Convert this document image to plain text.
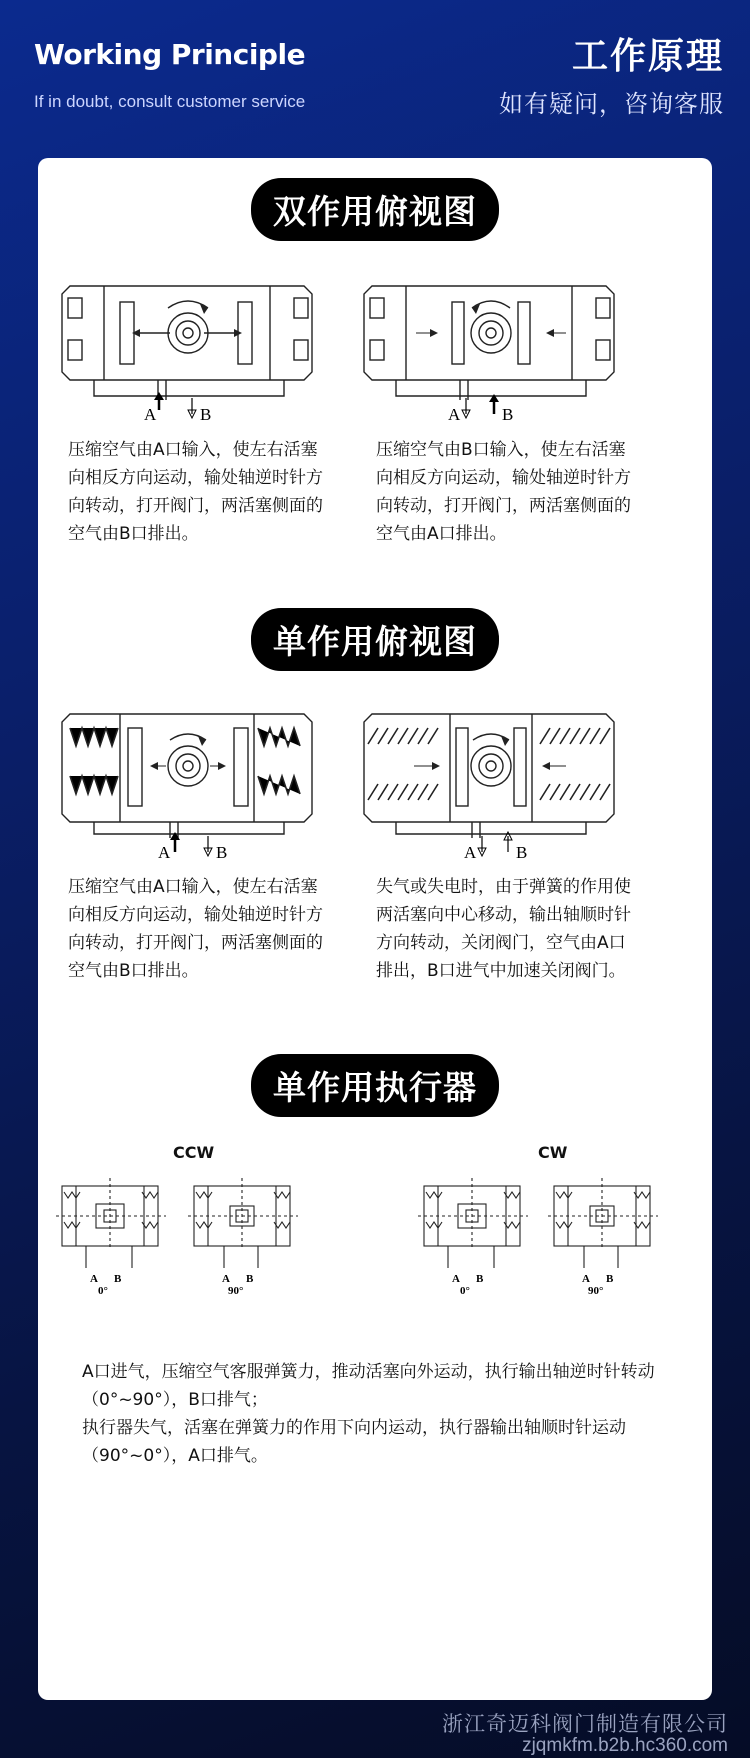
Working Principle
If in doubt, consult customer service
工作原理
如有疑问，咨询客服
双作用俯视图
A	B
压缩空气由A口输入，使左右活塞向相反方向运动，输处轴逆时针方向转动，打开阀门，两活塞侧面的空气由B口排出。
A B
压缩空气由B口输入，使左右活塞向相反方向运动，输处轴逆时针方向转动，打开阀门，两活塞侧面的空气由A口排出。
单作用俯视图
A	B
压缩空气由A口输入，使左右活塞向相反方向运动，输处轴逆时针方向转动，打开阀门，两活塞侧面的空气由B口排出。
A B
失气或失电时，由于弹簧的作用使两活塞向中心移动，输出轴顺时针方向转动，关闭阀门，空气由A口排出，B口进气中加速关闭阀门。
单作用执行器
CCW	CW
A B
0°
A B
90°
A B
0°
A B
90°
A口进气，压缩空气客服弹簧力，推动活塞向外运动，执行输出轴逆时针转动（0°~90°），B口排气；
执行器失气，活塞在弹簧力的作用下向内运动，执行器输出轴顺时针运动（90°~0°），A口排气。
浙江奇迈科阀门制造有限公司
zjqmkfm.b2b.hc360.com
